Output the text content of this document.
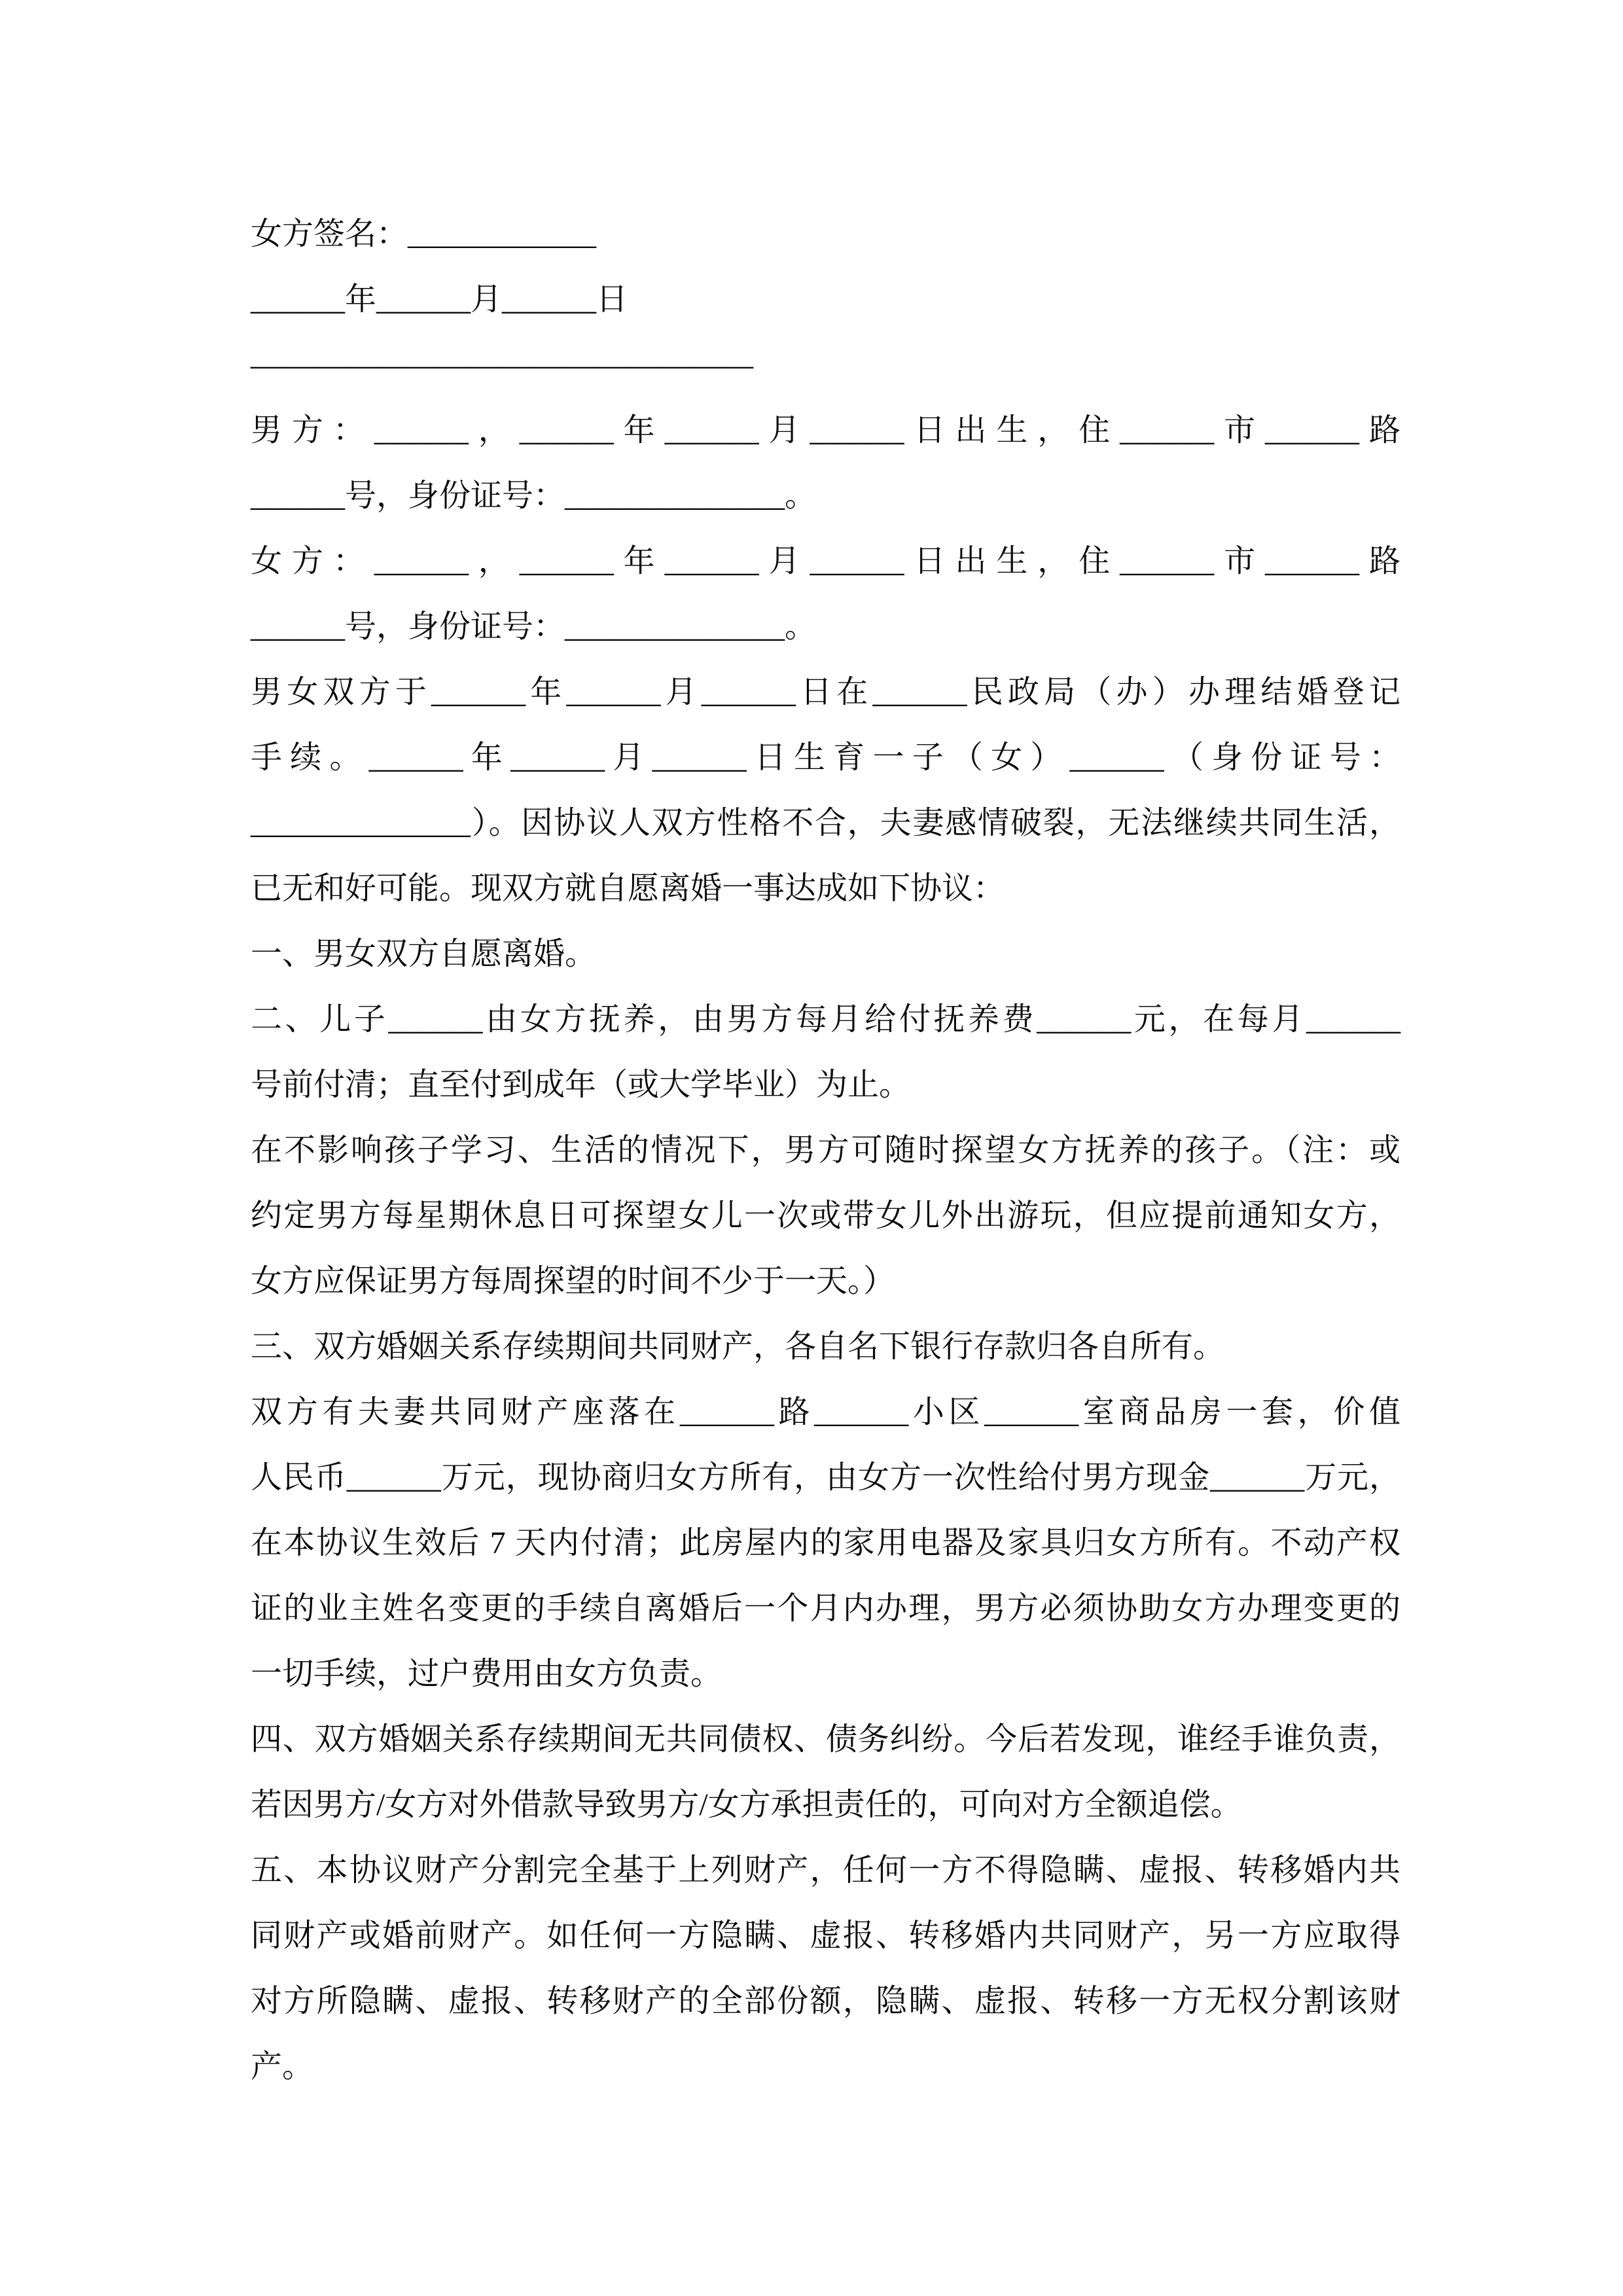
女方签名：____________
______年______月______日
————————————————
男方：______，______年______月______日出生，住______市______路
______号，身份证号：______________。
女方：______，______年______月______日出生，住______市______路
______号，身份证号：______________。
男女双方于______年______月______日在______民政局（办）办理结婚登记
手续。______年______月______日生育一子（女）______（身份证号：
______________）。因协议人双方性格不合，夫妻感情破裂，无法继续共同生活，
已无和好可能。现双方就自愿离婚一事达成如下协议：
一、男女双方自愿离婚。
二、儿子______由女方抚养，由男方每月给付抚养费______元，在每月______
号前付清；直至付到成年（或大学毕业）为止。
在不影响孩子学习、生活的情况下，男方可随时探望女方抚养的孩子。（注：或
约定男方每星期休息日可探望女儿一次或带女儿外出游玩，但应提前通知女方，
女方应保证男方每周探望的时间不少于一天。）
三、双方婚姻关系存续期间共同财产，各自名下银行存款归各自所有。
双方有夫妻共同财产座落在______路______小区______室商品房一套，价值
人民币______万元，现协商归女方所有，由女方一次性给付男方现金______万元，
在本协议生效后 7 天内付清；此房屋内的家用电器及家具归女方所有。不动产权
证的业主姓名变更的手续自离婚后一个月内办理，男方必须协助女方办理变更的
一切手续，过户费用由女方负责。
四、双方婚姻关系存续期间无共同债权、债务纠纷。今后若发现，谁经手谁负责，
若因男方/女方对外借款导致男方/女方承担责任的，可向对方全额追偿。
五、本协议财产分割完全基于上列财产，任何一方不得隐瞒、虚报、转移婚内共
同财产或婚前财产。如任何一方隐瞒、虚报、转移婚内共同财产，另一方应取得
对方所隐瞒、虚报、转移财产的全部份额，隐瞒、虚报、转移一方无权分割该财
产。
